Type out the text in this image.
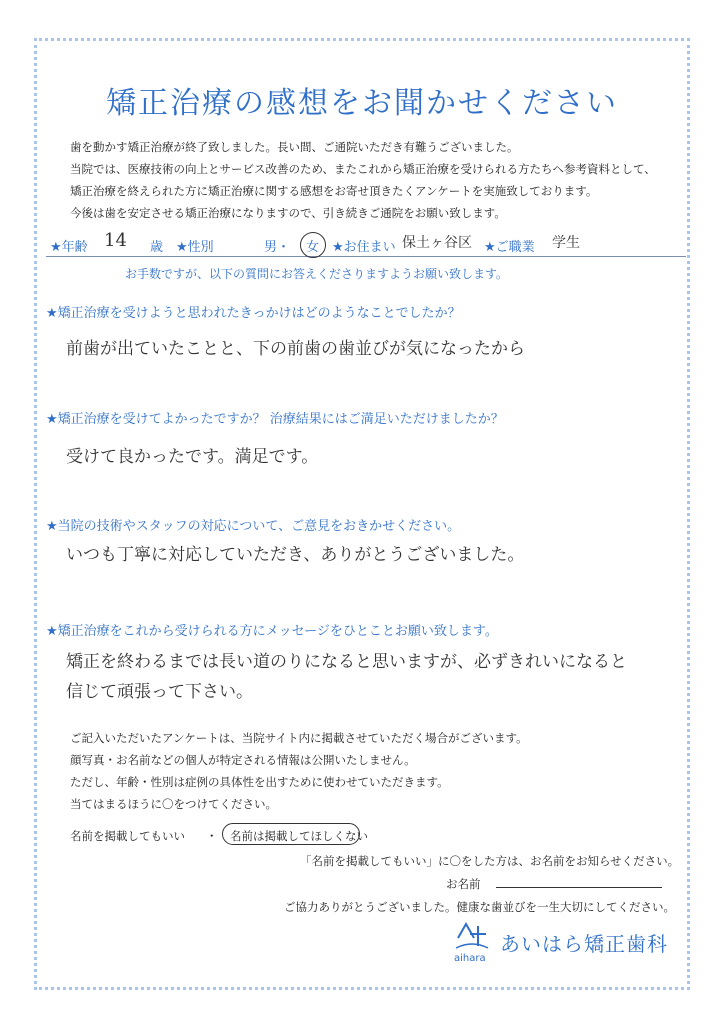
矯正治療の感想をお聞かせください

歯を動かす矯正治療が終了致しました。長い間、ご通院いただき有難うございました。

当院では、医療技術の向上とサービス改善のため、またこれから矯正治療を受けられる方たちへ参考資料として、

矯正治療を終えられた方に矯正治療に関する感想をお寄せ頂きたくアンケートを実施致しております。

今後は歯を安定させる矯正治療になりますので、引き続きご通院をお願い致します。

★年齢 14 歳 ★性別	男・ 女 ★お住まい 保土ヶ谷区 ★ご職業 学生
お手数ですが、以下の質問にお答えくださりますようお願い致します。
★矯正治療を受けようと思われたきっかけはどのようなことでしたか？

前歯が出ていたことと、下の前歯の歯並びが気になったから

★矯正治療を受けてよかったですか？ 治療結果にはご満足いただけましたか？

受けて良かったです。満足です。

★当院の技術やスタッフの対応について、ご意見をおきかせください。

いつも丁寧に対応していただき、ありがとうございました。

★矯正治療をこれから受けられる方にメッセージをひとことお願い致します。

矯正を終わるまでは長い道のりになると思いますが、必ずきれいになると

信じて頑張って下さい。

ご記入いただいたアンケートは、当院サイト内に掲載させていただく場合がございます。

顔写真・お名前などの個人が特定される情報は公開いたしません。

ただし、年齢・性別は症例の具体性を出すために使わせていただきます。

当てはまるほうに〇をつけてください。

名前を掲載してもいい ・ 名前は掲載してほしくない
「名前を掲載してもいい」に〇をした方は、お名前をお知らせください。
お名前
ご協力ありがとうございました。健康な歯並びを一生大切にしてください。
aihara
あいはら矯正歯科
